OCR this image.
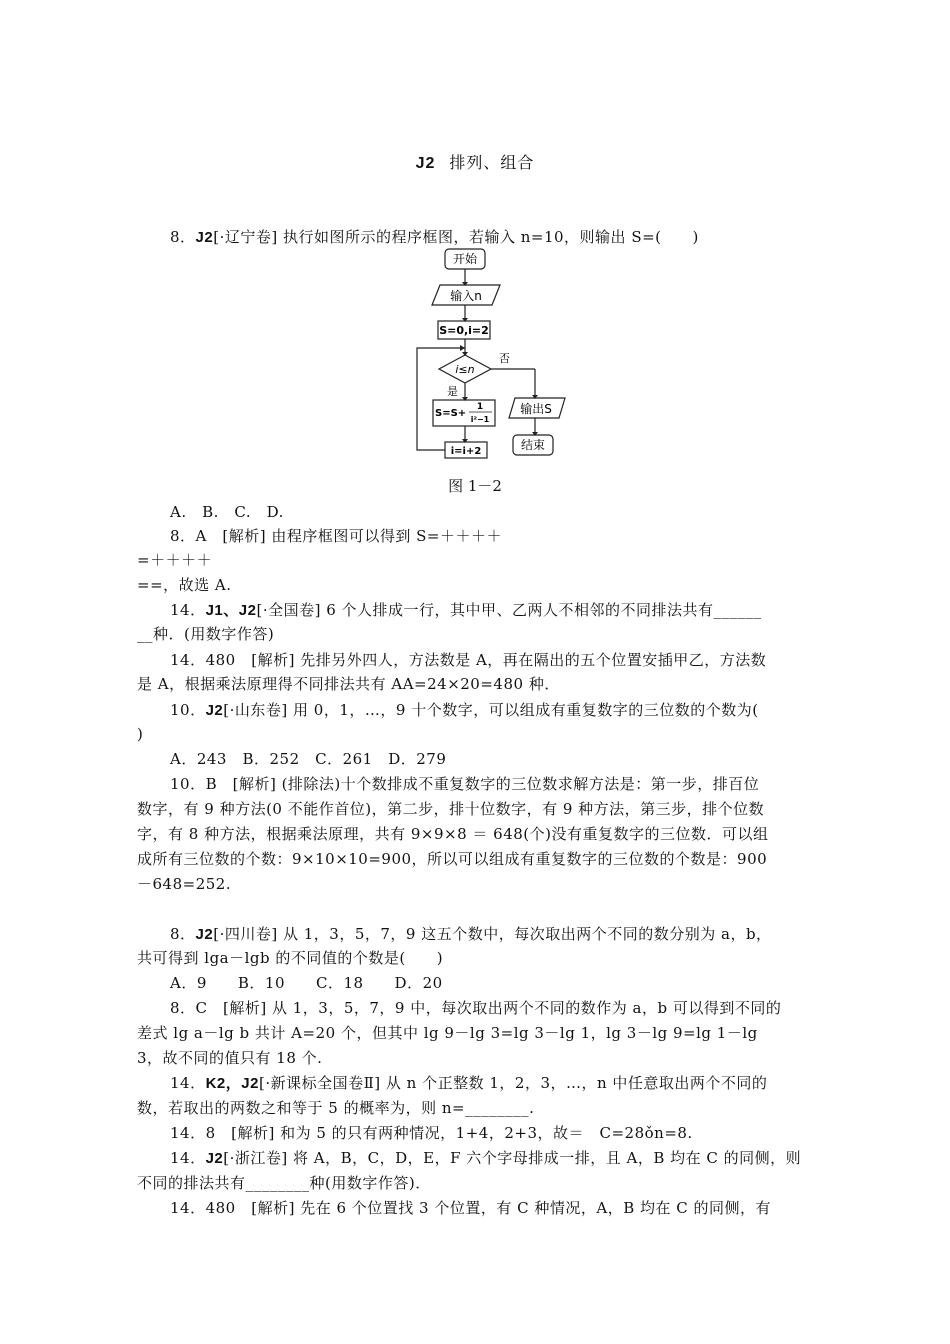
J2 排列、组合
8．J2[·辽宁卷] 执行如图所示的程序框图，若输入 n=10，则输出 S=(　　)
开始
输入n
S=0,i=2
i≤n
否
是
S=S+
1
i²−1
i=i+2
输出S
结束
图 1－2
A.　B.　C.　D.
8．A　[解析] 由程序框图可以得到 S=＋＋＋＋
=＋＋＋＋
==，故选 A.
14．J1、J2[·全国卷] 6 个人排成一行，其中甲、乙两人不相邻的不同排法共有______
__种．(用数字作答)
14．480　[解析] 先排另外四人，方法数是 A，再在隔出的五个位置安插甲乙，方法数
是 A，根据乘法原理得不同排法共有 AA=24×20=480 种．
10．J2[·山东卷] 用 0，1，…，9 十个数字，可以组成有重复数字的三位数的个数为(
)
A．243　B．252　C．261　D．279
10．B　[解析] (排除法)十个数排成不重复数字的三位数求解方法是：第一步，排百位
数字，有 9 种方法(0 不能作首位)，第二步，排十位数字，有 9 种方法，第三步，排个位数
字，有 8 种方法，根据乘法原理，共有 9×9×8 ＝ 648(个)没有重复数字的三位数．可以组
成所有三位数的个数：9×10×10=900，所以可以组成有重复数字的三位数的个数是：900
－648=252.
8．J2[·四川卷] 从 1，3，5，7，9 这五个数中，每次取出两个不同的数分别为 a，b，
共可得到 lga－lgb 的不同值的个数是(　　)
A．9　　B．10　　C．18　　D．20
8．C　[解析] 从 1，3，5，7，9 中，每次取出两个不同的数作为 a，b 可以得到不同的
差式 lg a－lg b 共计 A=20 个，但其中 lg 9－lg 3=lg 3－lg 1，lg 3－lg 9=lg 1－lg
3，故不同的值只有 18 个.
14．K2，J2[·新课标全国卷Ⅱ] 从 n 个正整数 1，2，3，…，n 中任意取出两个不同的
数，若取出的两数之和等于 5 的概率为，则 n=________.
14．8　[解析] 和为 5 的只有两种情况，1+4，2+3，故＝　C=28ǒn=8.
14．J2[·浙江卷] 将 A，B，C，D，E，F 六个字母排成一排，且 A，B 均在 C 的同侧，则
不同的排法共有________种(用数字作答)．
14．480　[解析] 先在 6 个位置找 3 个位置，有 C 种情况，A，B 均在 C 的同侧，有
